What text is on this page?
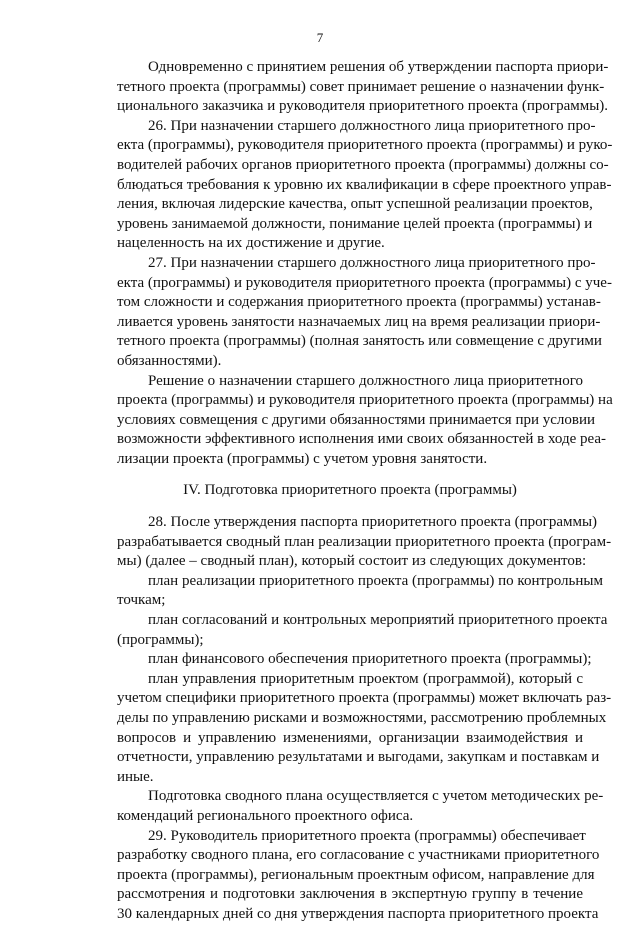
7
Одновременно с принятием решения об утверждении паспорта приори-
тетного проекта (программы) совет принимает решение о назначении функ-
ционального заказчика и руководителя приоритетного проекта (программы).
26. При назначении старшего должностного лица приоритетного про-
екта (программы), руководителя приоритетного проекта (программы) и руко-
водителей рабочих органов приоритетного проекта (программы) должны со-
блюдаться требования к уровню их квалификации в сфере проектного управ-
ления, включая лидерские качества, опыт успешной реализации проектов,
уровень занимаемой должности, понимание целей проекта (программы) и
нацеленность на их достижение и другие.
27. При назначении старшего должностного лица приоритетного про-
екта (программы) и руководителя приоритетного проекта (программы) с уче-
том сложности и содержания приоритетного проекта (программы) устанав-
ливается уровень занятости назначаемых лиц на время реализации приори-
тетного проекта (программы) (полная занятость или совмещение с другими
обязанностями).
Решение о назначении старшего должностного лица приоритетного
проекта (программы) и руководителя приоритетного проекта (программы) на
условиях совмещения с другими обязанностями принимается при условии
возможности эффективного исполнения ими своих обязанностей в ходе реа-
лизации проекта (программы) с учетом уровня занятости.
IV. Подготовка приоритетного проекта (программы)
28. После утверждения паспорта приоритетного проекта (программы)
разрабатывается сводный план реализации приоритетного проекта (програм-
мы) (далее – сводный план), который состоит из следующих документов:
план реализации приоритетного проекта (программы) по контрольным
точкам;
план согласований и контрольных мероприятий приоритетного проекта
(программы);
план финансового обеспечения приоритетного проекта (программы);
план управления приоритетным проектом (программой), который с
учетом специфики приоритетного проекта (программы) может включать раз-
делы по управлению рисками и возможностями, рассмотрению проблемных
вопросов и управлению изменениями, организации взаимодействия и
отчетности, управлению результатами и выгодами, закупкам и поставкам и
иные.
Подготовка сводного плана осуществляется с учетом методических ре-
комендаций регионального проектного офиса.
29. Руководитель приоритетного проекта (программы) обеспечивает
разработку сводного плана, его согласование с участниками приоритетного
проекта (программы), региональным проектным офисом, направление для
рассмотрения и подготовки заключения в экспертную группу в течение
30 календарных дней со дня утверждения паспорта приоритетного проекта
